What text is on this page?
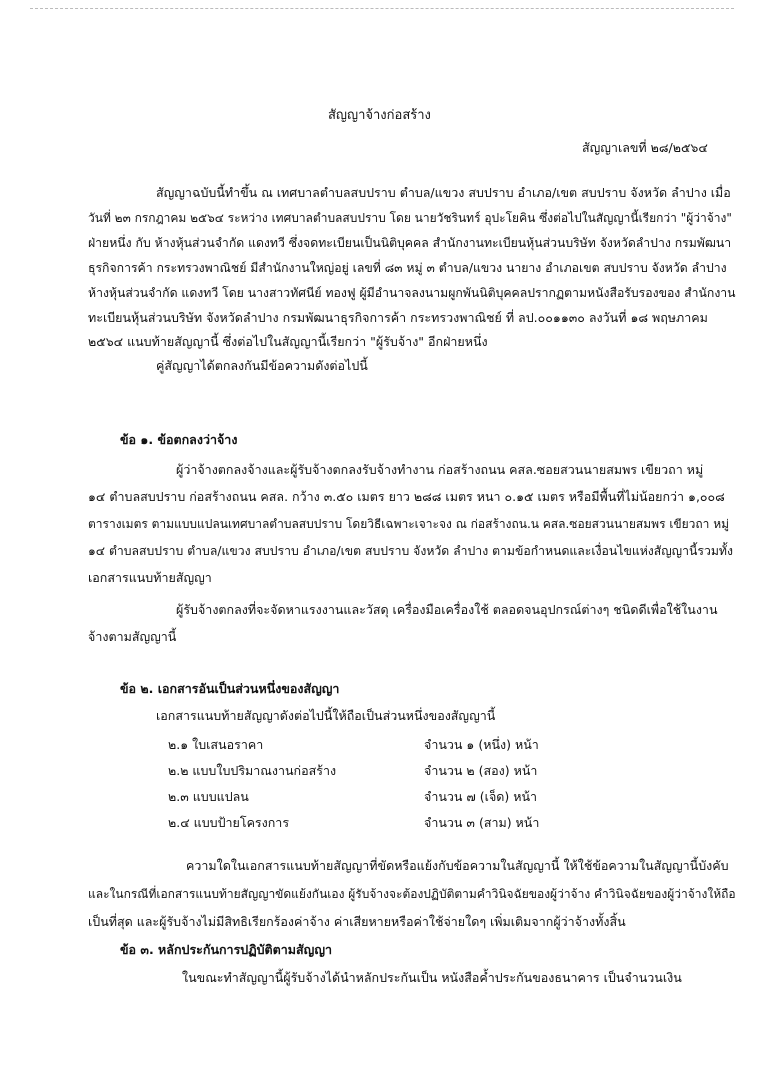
สัญญาจ้างก่อสร้าง
สัญญาเลขที่ ๒๘/๒๕๖๔
สัญญาฉบับนี้ทำขึ้น ณ เทศบาลตำบลสบปราบ ตำบล/แขวง สบปราบ อำเภอ/เขต สบปราบ จังหวัด ลำปาง เมื่อ
วันที่ ๒๓ กรกฎาคม ๒๕๖๔ ระหว่าง เทศบาลตำบลสบปราบ โดย นายวัชรินทร์ อุปะโยคิน ซึ่งต่อไปในสัญญานี้เรียกว่า "ผู้ว่าจ้าง"
ฝ่ายหนึ่ง กับ ห้างหุ้นส่วนจำกัด แดงทวี ซึ่งจดทะเบียนเป็นนิติบุคคล สำนักงานทะเบียนหุ้นส่วนบริษัท จังหวัดลำปาง กรมพัฒนา
ธุรกิจการค้า กระทรวงพาณิชย์ มีสำนักงานใหญ่อยู่ เลขที่ ๘๓ หมู่ ๓ ตำบล/แขวง นายาง อำเภอเขต สบปราบ จังหวัด ลำปาง
ห้างหุ้นส่วนจำกัด แดงทวี โดย นางสาวทัศนีย์ ทองฟู ผู้มีอำนาจลงนามผูกพันนิติบุคคลปรากฏตามหนังสือรับรองของ สำนักงาน
ทะเบียนหุ้นส่วนบริษัท จังหวัดลำปาง กรมพัฒนาธุรกิจการค้า กระทรวงพาณิชย์ ที่ ลป.๐๐๑๑๓๐ ลงวันที่ ๑๘ พฤษภาคม
๒๕๖๔ แนบท้ายสัญญานี้ ซึ่งต่อไปในสัญญานี้เรียกว่า "ผู้รับจ้าง" อีกฝ่ายหนึ่ง
คู่สัญญาได้ตกลงกันมีข้อความดังต่อไปนี้
ข้อ ๑. ข้อตกลงว่าจ้าง
ผู้ว่าจ้างตกลงจ้างและผู้รับจ้างตกลงรับจ้างทำงาน ก่อสร้างถนน คสล.ซอยสวนนายสมพร เขียวถา หมู่
๑๔ ตำบลสบปราบ ก่อสร้างถนน คสล. กว้าง ๓.๕๐ เมตร ยาว ๒๘๘ เมตร หนา ๐.๑๕ เมตร หรือมีพื้นที่ไม่น้อยกว่า ๑,๐๐๘
ตารางเมตร ตามแบบแปลนเทศบาลตำบลสบปราบ โดยวิธีเฉพาะเจาะจง ณ ก่อสร้างถน.น คสล.ซอยสวนนายสมพร เขียวถา หมู่
๑๔ ตำบลสบปราบ ตำบล/แขวง สบปราบ อำเภอ/เขต สบปราบ จังหวัด ลำปาง ตามข้อกำหนดและเงื่อนไขแห่งสัญญานี้รวมทั้ง
เอกสารแนบท้ายสัญญา
ผู้รับจ้างตกลงที่จะจัดหาแรงงานและวัสดุ เครื่องมือเครื่องใช้ ตลอดจนอุปกรณ์ต่างๆ ชนิดดีเพื่อใช้ในงาน
จ้างตามสัญญานี้
ข้อ ๒. เอกสารอันเป็นส่วนหนึ่งของสัญญา
เอกสารแนบท้ายสัญญาดังต่อไปนี้ให้ถือเป็นส่วนหนึ่งของสัญญานี้
๒.๑ ใบเสนอราคา	จำนวน ๑ (หนึ่ง) หน้า
๒.๒ แบบใบปริมาณงานก่อสร้าง	จำนวน ๒ (สอง) หน้า
๒.๓ แบบแปลน	จำนวน ๗ (เจ็ด) หน้า
๒.๔ แบบป้ายโครงการ	จำนวน ๓ (สาม) หน้า
ความใดในเอกสารแนบท้ายสัญญาที่ขัดหรือแย้งกับข้อความในสัญญานี้ ให้ใช้ข้อความในสัญญานี้บังคับ
และในกรณีที่เอกสารแนบท้ายสัญญาขัดแย้งกันเอง ผู้รับจ้างจะต้องปฏิบัติตามคำวินิจฉัยของผู้ว่าจ้าง คำวินิจฉัยของผู้ว่าจ้างให้ถือ
เป็นที่สุด และผู้รับจ้างไม่มีสิทธิเรียกร้องค่าจ้าง ค่าเสียหายหรือค่าใช้จ่ายใดๆ เพิ่มเติมจากผู้ว่าจ้างทั้งสิ้น
ข้อ ๓. หลักประกันการปฏิบัติตามสัญญา
ในขณะทำสัญญานี้ผู้รับจ้างได้นำหลักประกันเป็น หนังสือค้ำประกันของธนาคาร เป็นจำนวนเงิน
